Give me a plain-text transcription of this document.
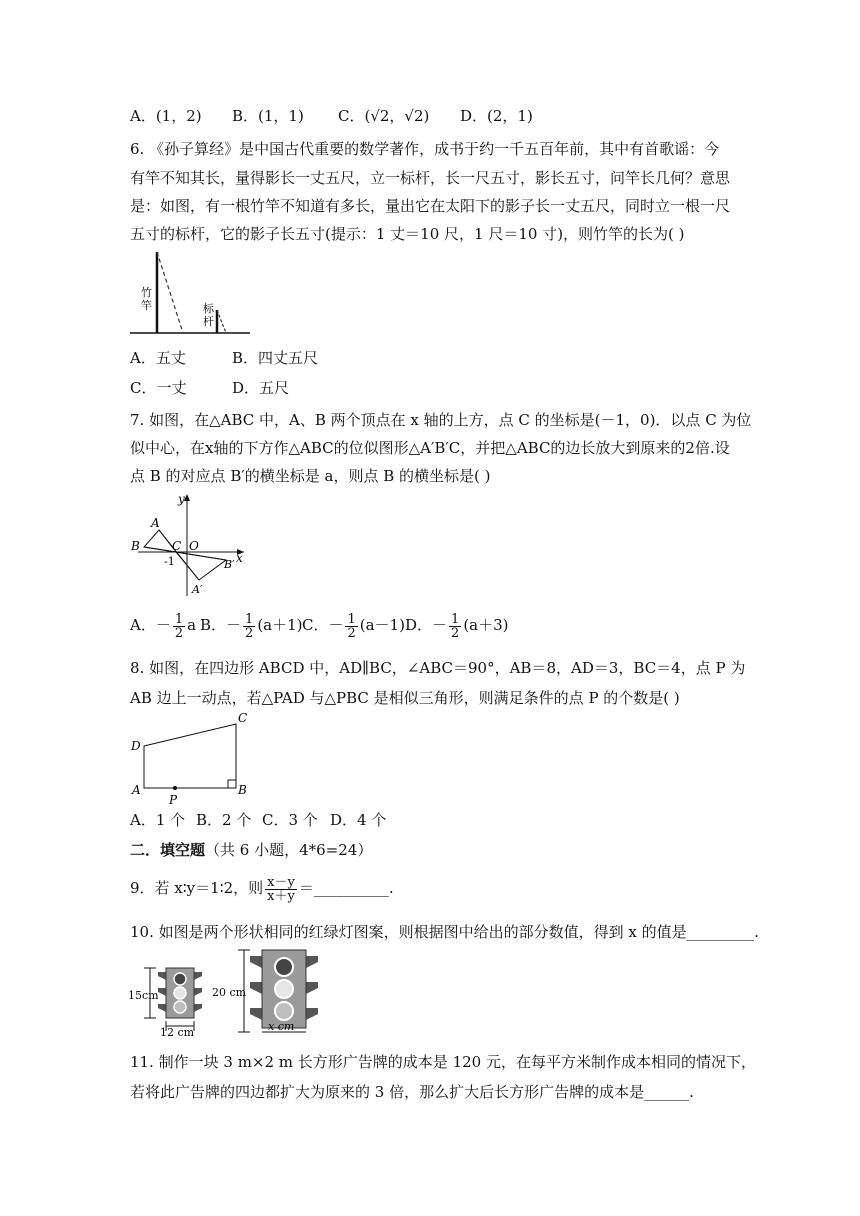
A．(1，2) B．(1，1) C．(√2，√2) D．(2，1)
6. 《孙子算经》是中国古代重要的数学著作，成书于约一千五百年前，其中有首歌谣：今
有竿不知其长，量得影长一丈五尺，立一标杆，长一尺五寸，影长五寸，问竿长几何？意思
是：如图，有一根竹竿不知道有多长，量出它在太阳下的影子长一丈五尺，同时立一根一尺
五寸的标杆，它的影子长五寸(提示：1 丈＝10 尺，1 尺＝10 寸)，则竹竿的长为( )
竹
竿	标
杆
A．五丈	B．四丈五尺
C．一丈	D．五尺
7. 如图，在△ABC 中，A、B 两个顶点在 x 轴的上方，点 C 的坐标是(－1，0)．以点 C 为位
似中心，在x轴的下方作△ABC的位似图形△A′B′C，并把△ABC的边长放大到原来的2倍.设
点 B 的对应点 B′的横坐标是 a，则点 B 的横坐标是( )
y
x
A
B	C O
-1	B′
A′
A．－ $\frac{1}{2}$ a B．－ $\frac{1}{2} (a+1)$ C．－ $\frac{1}{2} (a-1)$ D．－ $\frac{1}{2} (a+3)$
8. 如图，在四边形 ABCD 中，AD∥BC，∠ABC＝90°，AB＝8，AD＝3，BC＝4，点 P 为
AB 边上一动点，若△PAD 与△PBC 是相似三角形，则满足条件的点 P 的个数是( )
D
C
A	B
P
A．1 个 B．2 个 C．3 个 D．4 个
二．填空题（共 6 小题，4*6=24）
9．若 x∶y＝1∶2，则 $\frac{x-y}{x+y}$ ＝__________.
10. 如图是两个形状相同的红绿灯图案，则根据图中给出的部分数值，得到 x 的值是_________.
15cm
12 cm
20 cm
x cm
11. 制作一块 3 m×2 m 长方形广告牌的成本是 120 元，在每平方米制作成本相同的情况下，
若将此广告牌的四边都扩大为原来的 3 倍，那么扩大后长方形广告牌的成本是______.
